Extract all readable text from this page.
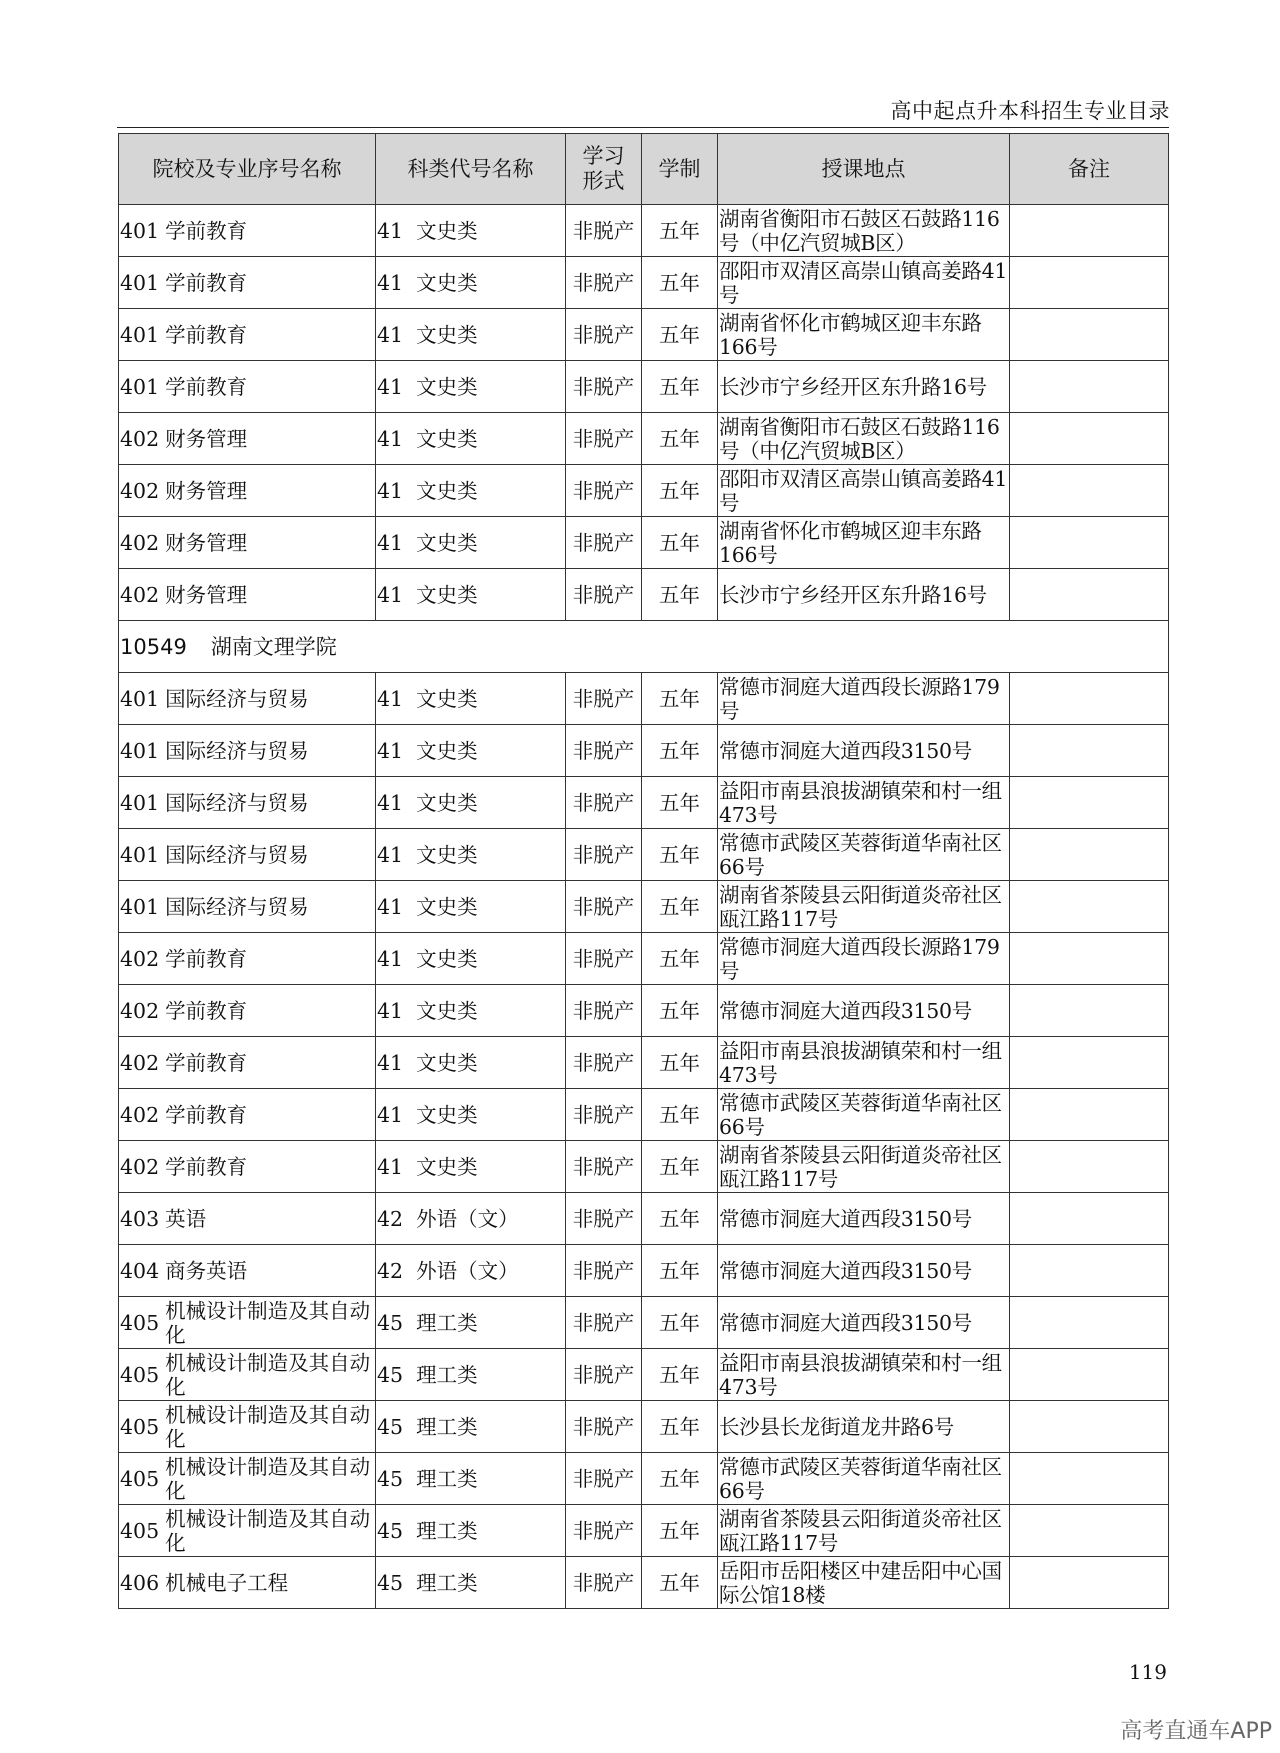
高中起点升本科招生专业目录
院校及专业序号名称	科类代号名称	学习形式	学制	授课地点	备注

401 学前教育	41  文史类	非脱产	五年	湖南省衡阳市石鼓区石鼓路116号（中亿汽贸城B区）	

401 学前教育	41  文史类	非脱产	五年	邵阳市双清区高崇山镇高姜路41号	

401 学前教育	41  文史类	非脱产	五年	湖南省怀化市鹤城区迎丰东路166号	

401 学前教育	41  文史类	非脱产	五年	长沙市宁乡经开区东升路16号	

402 财务管理	41  文史类	非脱产	五年	湖南省衡阳市石鼓区石鼓路116号（中亿汽贸城B区）	

402 财务管理	41  文史类	非脱产	五年	邵阳市双清区高崇山镇高姜路41号	

402 财务管理	41  文史类	非脱产	五年	湖南省怀化市鹤城区迎丰东路166号	

402 财务管理	41  文史类	非脱产	五年	长沙市宁乡经开区东升路16号	
10549 湖南文理学院					

401 国际经济与贸易	41  文史类	非脱产	五年	常德市洞庭大道西段长源路179号	

401 国际经济与贸易	41  文史类	非脱产	五年	常德市洞庭大道西段3150号	

401 国际经济与贸易	41  文史类	非脱产	五年	益阳市南县浪拔湖镇荣和村一组473号	

401 国际经济与贸易	41  文史类	非脱产	五年	常德市武陵区芙蓉街道华南社区66号	

401 国际经济与贸易	41  文史类	非脱产	五年	湖南省茶陵县云阳街道炎帝社区瓯江路117号	

402 学前教育	41  文史类	非脱产	五年	常德市洞庭大道西段长源路179号	

402 学前教育	41  文史类	非脱产	五年	常德市洞庭大道西段3150号	

402 学前教育	41  文史类	非脱产	五年	益阳市南县浪拔湖镇荣和村一组473号	

402 学前教育	41  文史类	非脱产	五年	常德市武陵区芙蓉街道华南社区66号	

402 学前教育	41  文史类	非脱产	五年	湖南省茶陵县云阳街道炎帝社区瓯江路117号	

403 英语	42  外语（文）	非脱产	五年	常德市洞庭大道西段3150号	

404 商务英语	42  外语（文）	非脱产	五年	常德市洞庭大道西段3150号	

405 机械设计制造及其自动化	45  理工类	非脱产	五年	常德市洞庭大道西段3150号	

405 机械设计制造及其自动化	45  理工类	非脱产	五年	益阳市南县浪拔湖镇荣和村一组473号	

405 机械设计制造及其自动化	45  理工类	非脱产	五年	长沙县长龙街道龙井路6号	

405 机械设计制造及其自动化	45  理工类	非脱产	五年	常德市武陵区芙蓉街道华南社区66号	

405 机械设计制造及其自动化	45  理工类	非脱产	五年	湖南省茶陵县云阳街道炎帝社区瓯江路117号	

406 机械电子工程	45  理工类	非脱产	五年	岳阳市岳阳楼区中建岳阳中心国际公馆18楼	
119
高考直通车APP
